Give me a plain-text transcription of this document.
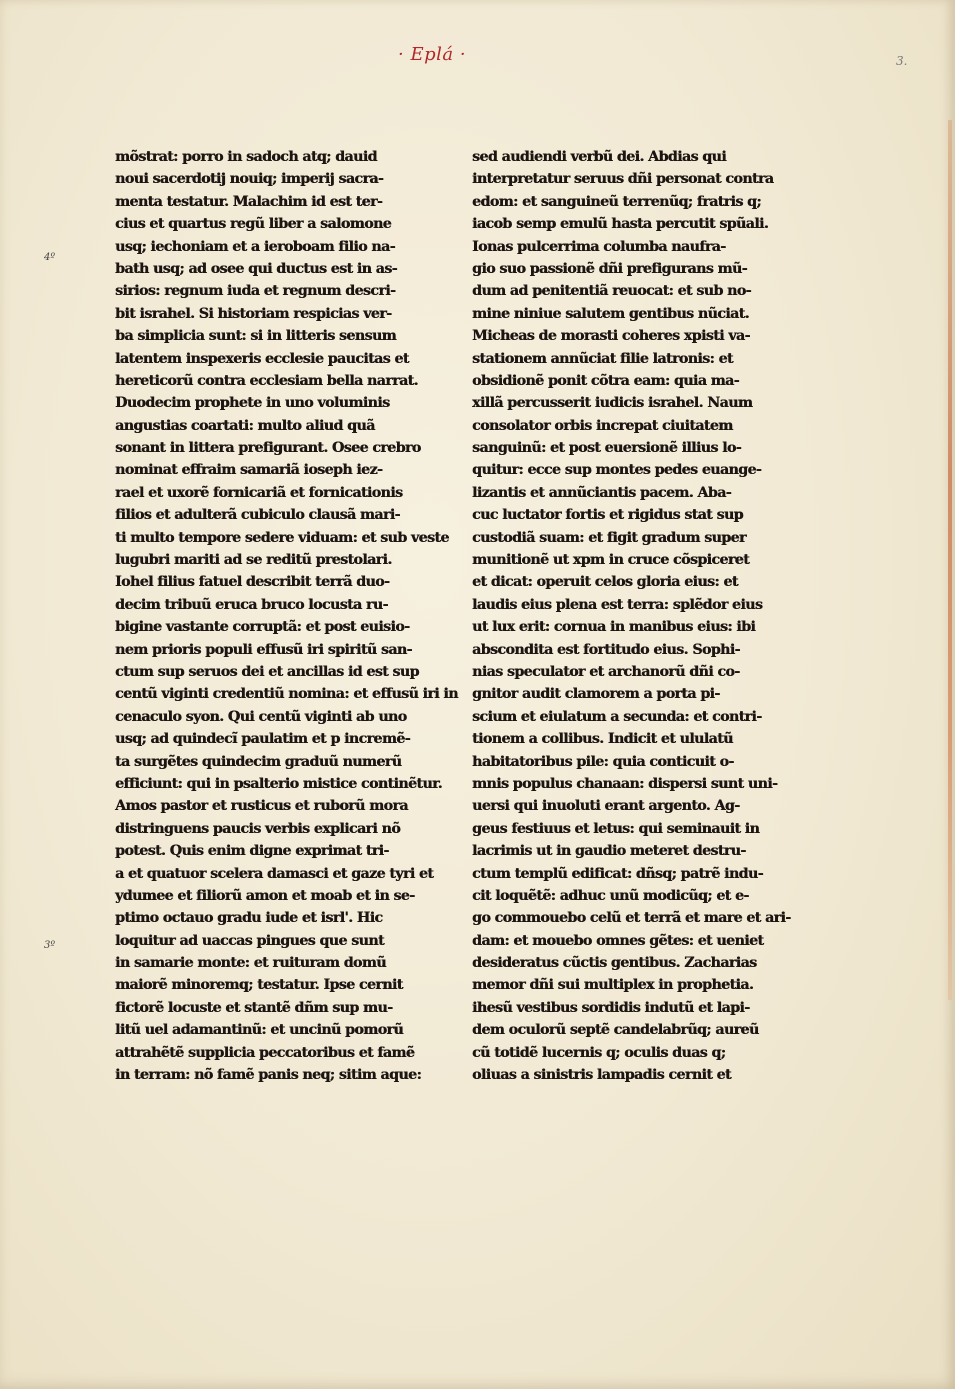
· Eplá ·	3.
4º
3º
mõstrat: porro in sadoch atq; dauid
noui sacerdotij nouiq; imperij sacra-
menta testatur. Malachim id est ter-
cius et quartus regũ liber a salomone
usq; iechoniam et a ieroboam filio na-
bath usq; ad osee qui ductus est in as-
sirios: regnum iuda et regnum descri-
bit israhel. Si historiam respicias ver-
ba simplicia sunt: si in litteris sensum
latentem inspexeris ecclesie paucitas et
hereticorũ contra ecclesiam bella narrat.
Duodecim prophete in uno voluminis
angustias coartati: multo aliud quã
sonant in littera prefigurant. Osee crebro
nominat effraim samariã ioseph iez-
rael et uxorẽ fornicariã et fornicationis
filios et adulterã cubiculo clausã mari-
ti multo tempore sedere viduam: et sub veste
lugubri mariti ad se reditũ prestolari.
Iohel filius fatuel describit terrã duo-
decim tribuũ eruca bruco locusta ru-
bigine vastante corruptã: et post euisio-
nem prioris populi effusũ iri spiritũ san-
ctum sup seruos dei et ancillas id est sup
centũ viginti credentiũ nomina: et effusũ iri in
cenaculo syon. Qui centũ viginti ab uno
usq; ad quindecĩ paulatim et p incremẽ-
ta surgẽtes quindecim graduũ numerũ
efficiunt: qui in psalterio mistice continẽtur.
Amos pastor et rusticus et ruborũ mora
distringuens paucis verbis explicari nõ
potest. Quis enim digne exprimat tri-
a et quatuor scelera damasci et gaze tyri et
ydumee et filiorũ amon et moab et in se-
ptimo octauo gradu iude et isrl'. Hic
loquitur ad uaccas pingues que sunt
in samarie monte: et ruituram domũ
maiorẽ minoremq; testatur. Ipse cernit
fictorẽ locuste et stantẽ dñm sup mu-
litũ uel adamantinũ: et uncinũ pomorũ
attrahẽtẽ supplicia peccatoribus et famẽ
in terram: nõ famẽ panis neq; sitim aque:
sed audiendi verbũ dei. Abdias qui
interpretatur seruus dñi personat contra
edom: et sanguineũ terrenũq; fratris q;
iacob semp emulũ hasta percutit spũali.
Ionas pulcerrima columba naufra-
gio suo passionẽ dñi prefigurans mũ-
dum ad penitentiã reuocat: et sub no-
mine niniue salutem gentibus nũciat.
Micheas de morasti coheres xpisti va-
stationem annũciat filie latronis: et
obsidionẽ ponit cõtra eam: quia ma-
xillã percusserit iudicis israhel. Naum
consolator orbis increpat ciuitatem
sanguinũ: et post euersionẽ illius lo-
quitur: ecce sup montes pedes euange-
lizantis et annũciantis pacem. Aba-
cuc luctator fortis et rigidus stat sup
custodiã suam: et figit gradum super
munitionẽ ut xpm in cruce cõspiceret
et dicat: operuit celos gloria eius: et
laudis eius plena est terra: splẽdor eius
ut lux erit: cornua in manibus eius: ibi
abscondita est fortitudo eius. Sophi-
nias speculator et archanorũ dñi co-
gnitor audit clamorem a porta pi-
scium et eiulatum a secunda: et contri-
tionem a collibus. Indicit et ululatũ
habitatoribus pile: quia conticuit o-
mnis populus chanaan: dispersi sunt uni-
uersi qui inuoluti erant argento. Ag-
geus festiuus et letus: qui seminauit in
lacrimis ut in gaudio meteret destru-
ctum templũ edificat: dñsq; patrẽ indu-
cit loquẽtẽ: adhuc unũ modicũq; et e-
go commouebo celũ et terrã et mare et ari-
dam: et mouebo omnes gẽtes: et ueniet
desideratus cũctis gentibus. Zacharias
memor dñi sui multiplex in prophetia.
ihesũ vestibus sordidis indutũ et lapi-
dem oculorũ septẽ candelabrũq; aureũ
cũ totidẽ lucernis q; oculis duas q;
oliuas a sinistris lampadis cernit et
